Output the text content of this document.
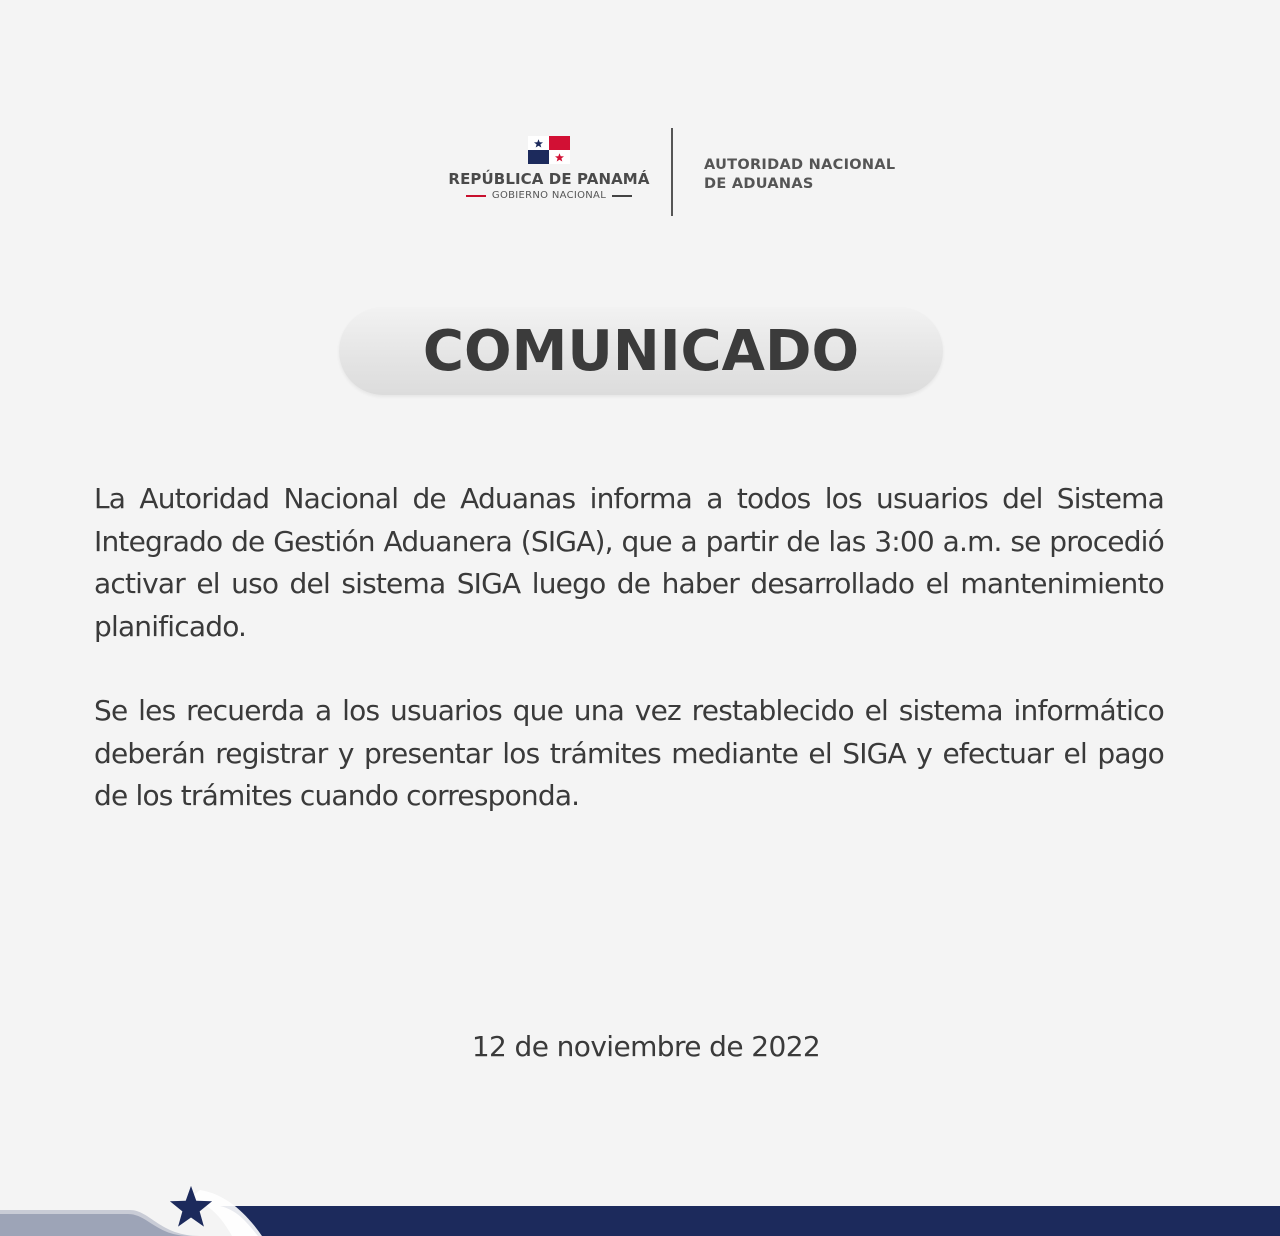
REPÚBLICA DE PANAMÁ
GOBIERNO NACIONAL
AUTORIDAD NACIONAL
DE ADUANAS
COMUNICADO

La Autoridad Nacional de Aduanas informa a todos los usuarios del Sistema Integrado de Gestión Aduanera (SIGA), que a partir de las 3:00 a.m. se procedió activar el uso del sistema SIGA luego de haber desarrollado el mantenimiento planificado.

Se les recuerda a los usuarios que una vez restablecido el sistema informático deberán registrar y presentar los trámites mediante el SIGA y efectuar el pago de los trámites cuando corresponda.

12 de noviembre de 2022
